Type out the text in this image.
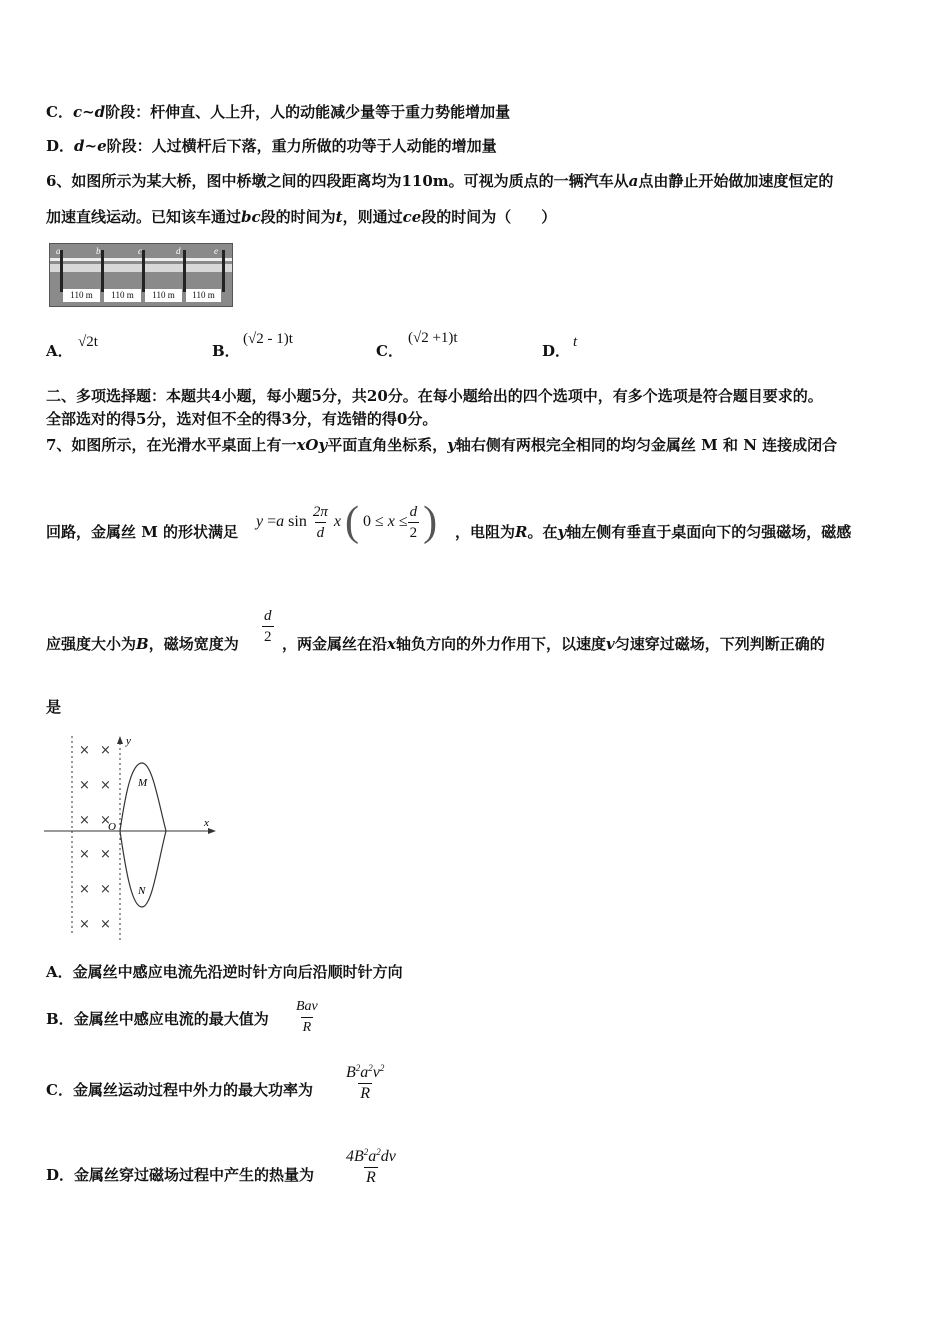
C．c~d阶段：杆伸直、人上升，人的动能减少量等于重力势能增加量
D．d~e阶段：人过横杆后下落，重力所做的功等于人动能的增加量
6、如图所示为某大桥，图中桥墩之间的四段距离均为110m。可视为质点的一辆汽车从a点由静止开始做加速度恒定的
加速直线运动。已知该车通过bc段的时间为t，则通过ce段的时间为（　　）
a	b	c	d	e
110 m	110 m	110 m	110 m
A． √2t	B．
(√2 - 1)t
C．
(√2 +1)t
D． t
二、多项选择题：本题共4小题，每小题5分，共20分。在每小题给出的四个选项中，有多个选项是符合题目要求的。
全部选对的得5分，选对但不全的得3分，有选错的得0分。
7、如图所示，在光滑水平桌面上有一xOy平面直角坐标系，y轴右侧有两根完全相同的均匀金属丝 M 和 N 连接成闭合
回路，金属丝 M 的形状满足
y = a $\sin \frac{2\pi}{d}$ x ( $0 \le x \le \frac{d}{2}$ ) ，电阻为R。在y轴左侧有垂直于桌面向下的匀强磁场，磁感
应强度大小为B，磁场宽度为 $\frac{d}{2}$ ，两金属丝在沿x轴负方向的外力作用下，以速度v匀速穿过磁场，下列判断正确的
是
x
y
O
M
N
× ×
× ×
× ×
× ×
× ×
× ×
A．金属丝中感应电流先沿逆时针方向后沿顺时针方向
B．金属丝中感应电流的最大值为
Bav
R
C．金属丝运动过程中外力的最大功率为 $\frac{B^2a^2v^2}{R}$
D．金属丝穿过磁场过程中产生的热量为 $\frac{4B^2a^2dv}{R}$
